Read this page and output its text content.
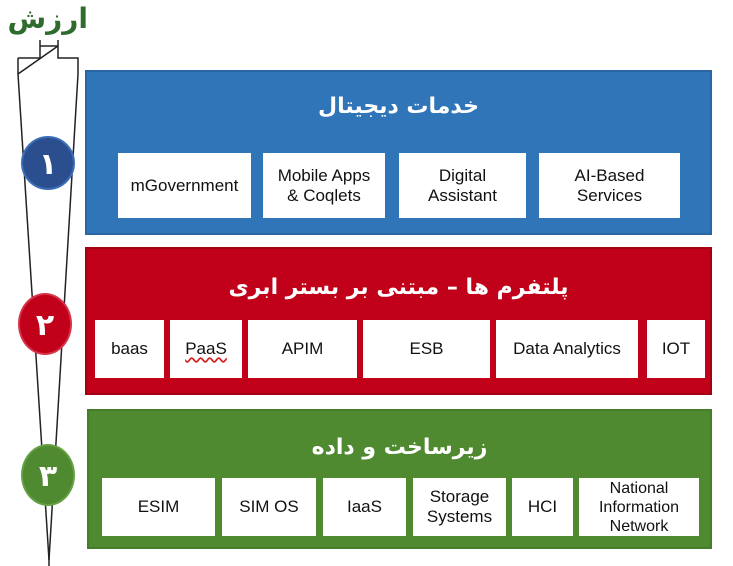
ارزش
١
٢
٣
خدمات دیجیتال
mGovernment
Mobile Apps
& Coqlets
Digital
Assistant
AI-Based
Services
پلتفرم ها – مبتنی بر بستر ابری
baas PaaS	APIM	ESB	Data Analytics IOT
زیرساخت و داده
ESIM	SIM OS	IaaS
Storage
Systems
HCI
National
Information
Network
